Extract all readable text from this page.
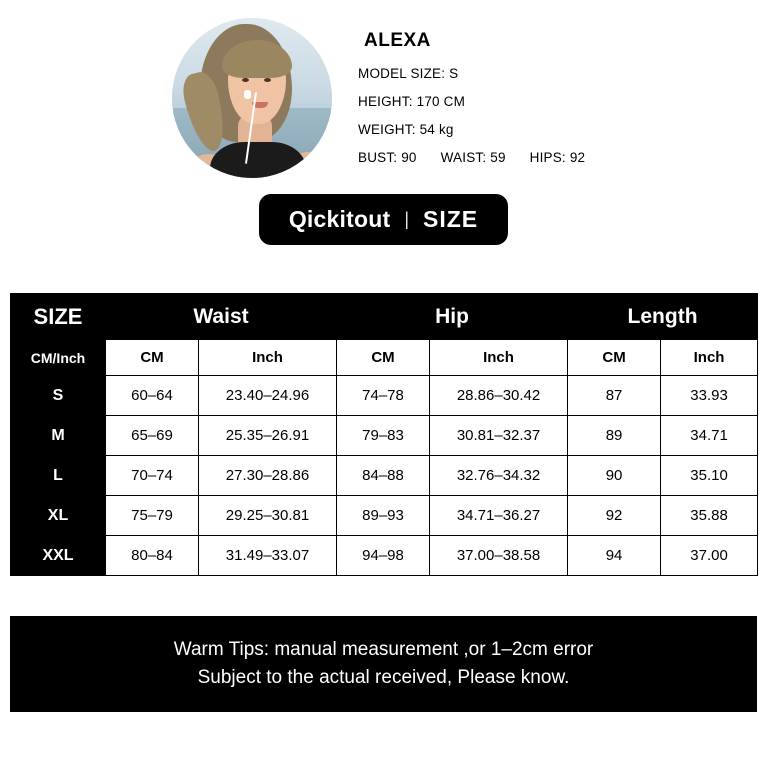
ALEXA
MODEL SIZE: S
HEIGHT: 170 CM
WEIGHT: 54 kg
BUST: 90 WAIST: 59 HIPS: 92
Qickitout | SIZE
SIZE	Waist		Hip		Length	
CM/Inch	CM	Inch	CM	Inch	CM	Inch
S	60–64	23.40–24.96	74–78	28.86–30.42	87	33.93
M	65–69	25.35–26.91	79–83	30.81–32.37	89	34.71
L	70–74	27.30–28.86	84–88	32.76–34.32	90	35.10
XL	75–79	29.25–30.81	89–93	34.71–36.27	92	35.88
XXL	80–84	31.49–33.07	94–98	37.00–38.58	94	37.00
Warm Tips: manual measurement ,or 1–2cm error
Subject to the actual received, Please know.
